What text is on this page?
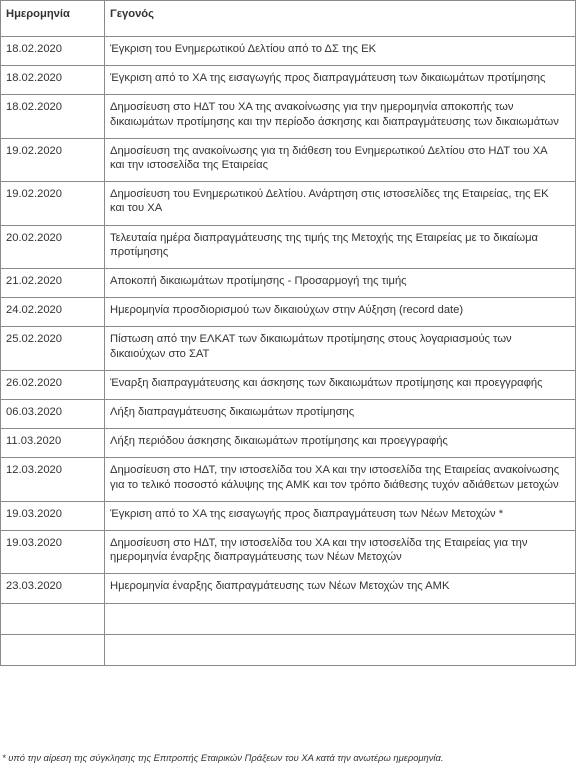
Ημερομηνία	Γεγονός
18.02.2020	Έγκριση του Ενημερωτικού Δελτίου από το ΔΣ της ΕΚ
18.02.2020	Έγκριση από το ΧΑ της εισαγωγής προς διαπραγμάτευση των δικαιωμάτων προτίμησης
18.02.2020	Δημοσίευση στο ΗΔΤ του ΧΑ της ανακοίνωσης για την ημερομηνία αποκοπής των δικαιωμάτων προτίμησης και την περίοδο άσκησης και διαπραγμάτευσης των δικαιωμάτων
19.02.2020	Δημοσίευση της ανακοίνωσης για τη διάθεση του Ενημερωτικού Δελτίου στο ΗΔΤ του ΧΑ και την ιστοσελίδα της Εταιρείας
19.02.2020	Δημοσίευση του Ενημερωτικού Δελτίου. Ανάρτηση στις ιστοσελίδες της Εταιρείας, της ΕΚ και του ΧΑ
20.02.2020	Τελευταία ημέρα διαπραγμάτευσης της τιμής της Μετοχής της Εταιρείας με το δικαίωμα προτίμησης
21.02.2020	Αποκοπή δικαιωμάτων προτίμησης - Προσαρμογή της τιμής
24.02.2020	Ημερομηνία προσδιορισμού των δικαιούχων στην Αύξηση (record date)
25.02.2020	Πίστωση από την ΕΛΚΑΤ των δικαιωμάτων προτίμησης στους λογαριασμούς των δικαιούχων στο ΣΑΤ
26.02.2020	Έναρξη διαπραγμάτευσης και άσκησης των δικαιωμάτων προτίμησης και προεγγραφής
06.03.2020	Λήξη διαπραγμάτευσης δικαιωμάτων προτίμησης
11.03.2020	Λήξη περιόδου άσκησης δικαιωμάτων προτίμησης και προεγγραφής
12.03.2020	Δημοσίευση στο ΗΔΤ, την ιστοσελίδα του ΧΑ και την ιστοσελίδα της Εταιρείας ανακοίνωσης για το τελικό ποσοστό κάλυψης της ΑΜΚ και τον τρόπο διάθεσης τυχόν αδιάθετων μετοχών
19.03.2020	Έγκριση από το ΧΑ της εισαγωγής προς διαπραγμάτευση των Νέων Μετοχών *
19.03.2020	Δημοσίευση στο ΗΔΤ, την ιστοσελίδα του ΧΑ και την ιστοσελίδα της Εταιρείας για την ημερομηνία έναρξης διαπραγμάτευσης των Νέων Μετοχών
23.03.2020	Ημερομηνία έναρξης διαπραγμάτευσης των Νέων Μετοχών της ΑΜΚ

* υπό την αίρεση της σύγκλησης της Επιτροπής Εταιρικών Πράξεων του ΧΑ κατά την ανωτέρω ημερομηνία.
